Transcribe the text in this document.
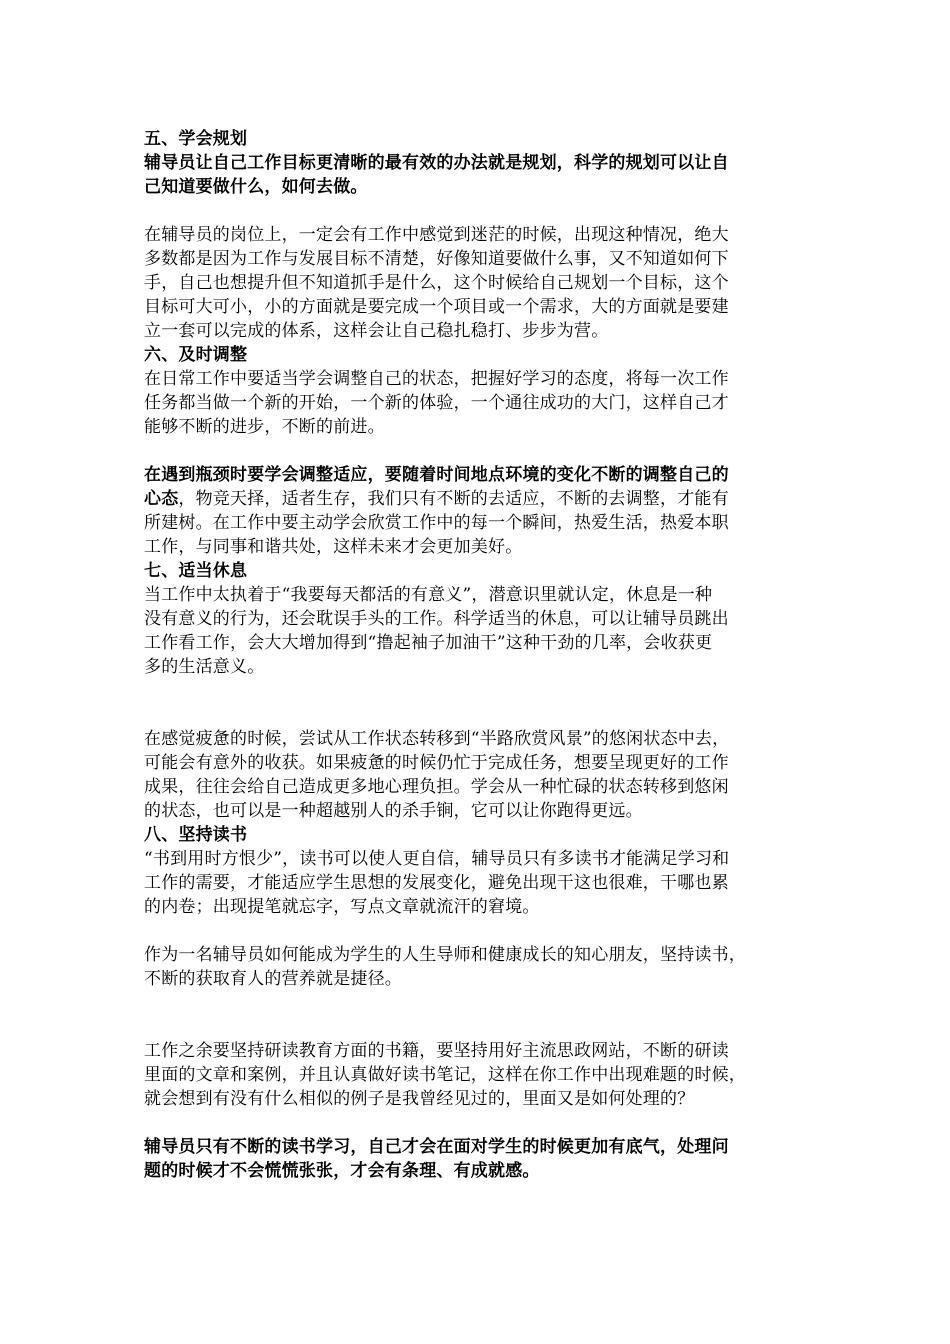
五、学会规划
辅导员让自己工作目标更清晰的最有效的办法就是规划，科学的规划可以让自
己知道要做什么，如何去做。
在辅导员的岗位上，一定会有工作中感觉到迷茫的时候，出现这种情况，绝大
多数都是因为工作与发展目标不清楚，好像知道要做什么事，又不知道如何下
手，自己也想提升但不知道抓手是什么，这个时候给自己规划一个目标，这个
目标可大可小，小的方面就是要完成一个项目或一个需求，大的方面就是要建
立一套可以完成的体系，这样会让自己稳扎稳打、步步为营。
六、及时调整
在日常工作中要适当学会调整自己的状态，把握好学习的态度，将每一次工作
任务都当做一个新的开始，一个新的体验，一个通往成功的大门，这样自己才
能够不断的进步，不断的前进。
在遇到瓶颈时要学会调整适应，要随着时间地点环境的变化不断的调整自己的
心态，物竞天择，适者生存，我们只有不断的去适应，不断的去调整，才能有
所建树。在工作中要主动学会欣赏工作中的每一个瞬间，热爱生活，热爱本职
工作，与同事和谐共处，这样未来才会更加美好。
七、适当休息
当工作中太执着于“我要每天都活的有意义”，潜意识里就认定，休息是一种
没有意义的行为，还会耽误手头的工作。科学适当的休息，可以让辅导员跳出
工作看工作，会大大增加得到“撸起袖子加油干”这种干劲的几率，会收获更
多的生活意义。
在感觉疲惫的时候，尝试从工作状态转移到“半路欣赏风景”的悠闲状态中去，
可能会有意外的收获。如果疲惫的时候仍忙于完成任务，想要呈现更好的工作
成果，往往会给自己造成更多地心理负担。学会从一种忙碌的状态转移到悠闲
的状态，也可以是一种超越别人的杀手锏，它可以让你跑得更远。
八、坚持读书
“书到用时方恨少”，读书可以使人更自信，辅导员只有多读书才能满足学习和
工作的需要，才能适应学生思想的发展变化，避免出现干这也很难，干哪也累
的内卷；出现提笔就忘字，写点文章就流汗的窘境。
作为一名辅导员如何能成为学生的人生导师和健康成长的知心朋友，坚持读书，
不断的获取育人的营养就是捷径。
工作之余要坚持研读教育方面的书籍，要坚持用好主流思政网站，不断的研读
里面的文章和案例，并且认真做好读书笔记，这样在你工作中出现难题的时候，
就会想到有没有什么相似的例子是我曾经见过的，里面又是如何处理的？
辅导员只有不断的读书学习，自己才会在面对学生的时候更加有底气，处理问
题的时候才不会慌慌张张，才会有条理、有成就感。
